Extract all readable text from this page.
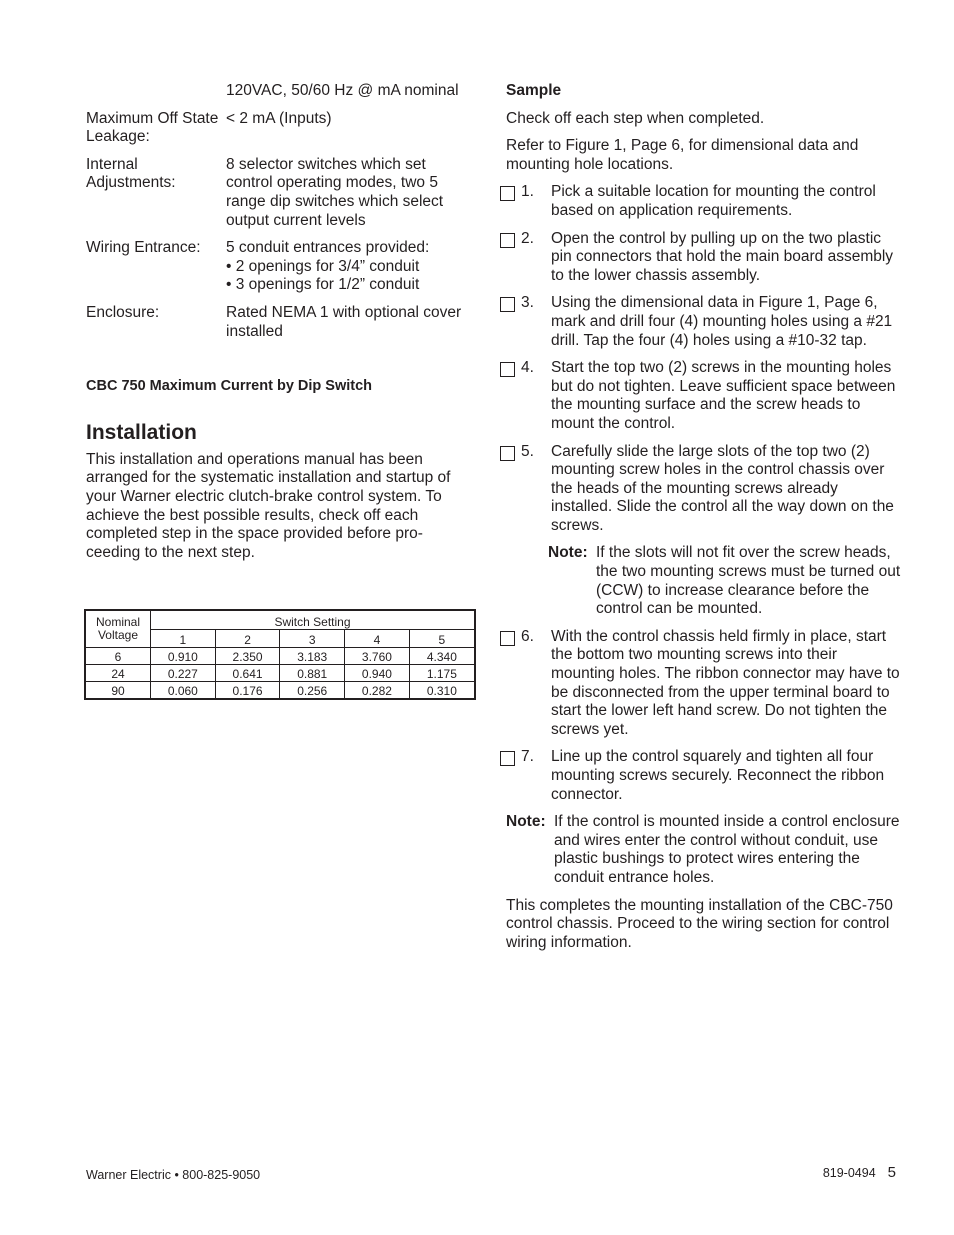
120VAC, 50/60 Hz @ mA nominal
Maximum Off State Leakage:
< 2 mA (Inputs)
Internal Adjustments:
8 selector switches which set control operating modes, two 5 range dip switches which select output current levels
Wiring Entrance:	5 conduit entrances provided:
• 2 openings for 3/4” conduit
• 3 openings for 1/2” conduit
Enclosure:	Rated NEMA 1 with optional cover installed
CBC 750 Maximum Current by Dip Switch
Installation
This installation and operations manual has been arranged for the systematic installation and startup of your Warner electric clutch-brake control system. To achieve the best possible results, check off each completed step in the space provided before pro-ceeding to the next step.
Nominal Voltage	Switch Setting				
	1	2	3	4	5
6	0.910	2.350	3.183	3.760	4.340
24	0.227	0.641	0.881	0.940	1.175
90	0.060	0.176	0.256	0.282	0.310
Sample
Check off each step when completed.
Refer to Figure 1, Page 6, for dimensional data and mounting hole locations.
1.	Pick a suitable location for mounting the control based on application requirements.
2.	Open the control by pulling up on the two plastic pin connectors that hold the main board assembly to the lower chassis assembly.
3.	Using the dimensional data in Figure 1, Page 6, mark and drill four (4) mounting holes using a #21 drill. Tap the four (4) holes using a #10-32 tap.
4.	Start the top two (2) screws in the mounting holes but do not tighten. Leave sufficient space between the mounting surface and the screw heads to mount the control.
5.	Carefully slide the large slots of the top two (2) mounting screw holes in the control chassis over the heads of the mounting screws already installed. Slide the control all the way down on the screws.
Note: If the slots will not fit over the screw heads, the two mounting screws must be turned out (CCW) to increase clearance before the control can be mounted.
6.	With the control chassis held firmly in place, start the bottom two mounting screws into their mounting holes. The ribbon connector may have to be disconnected from the upper terminal board to start the lower left hand screw. Do not tighten the screws yet.
7.	Line up the control squarely and tighten all four mounting screws securely. Reconnect the ribbon connector.
Note: If the control is mounted inside a control enclosure and wires enter the control without conduit, use plastic bushings to protect wires entering the conduit entrance holes.
This completes the mounting installation of the CBC-750 control chassis. Proceed to the wiring section for control wiring information.
Warner Electric • 800-825-9050	819-0494 5
